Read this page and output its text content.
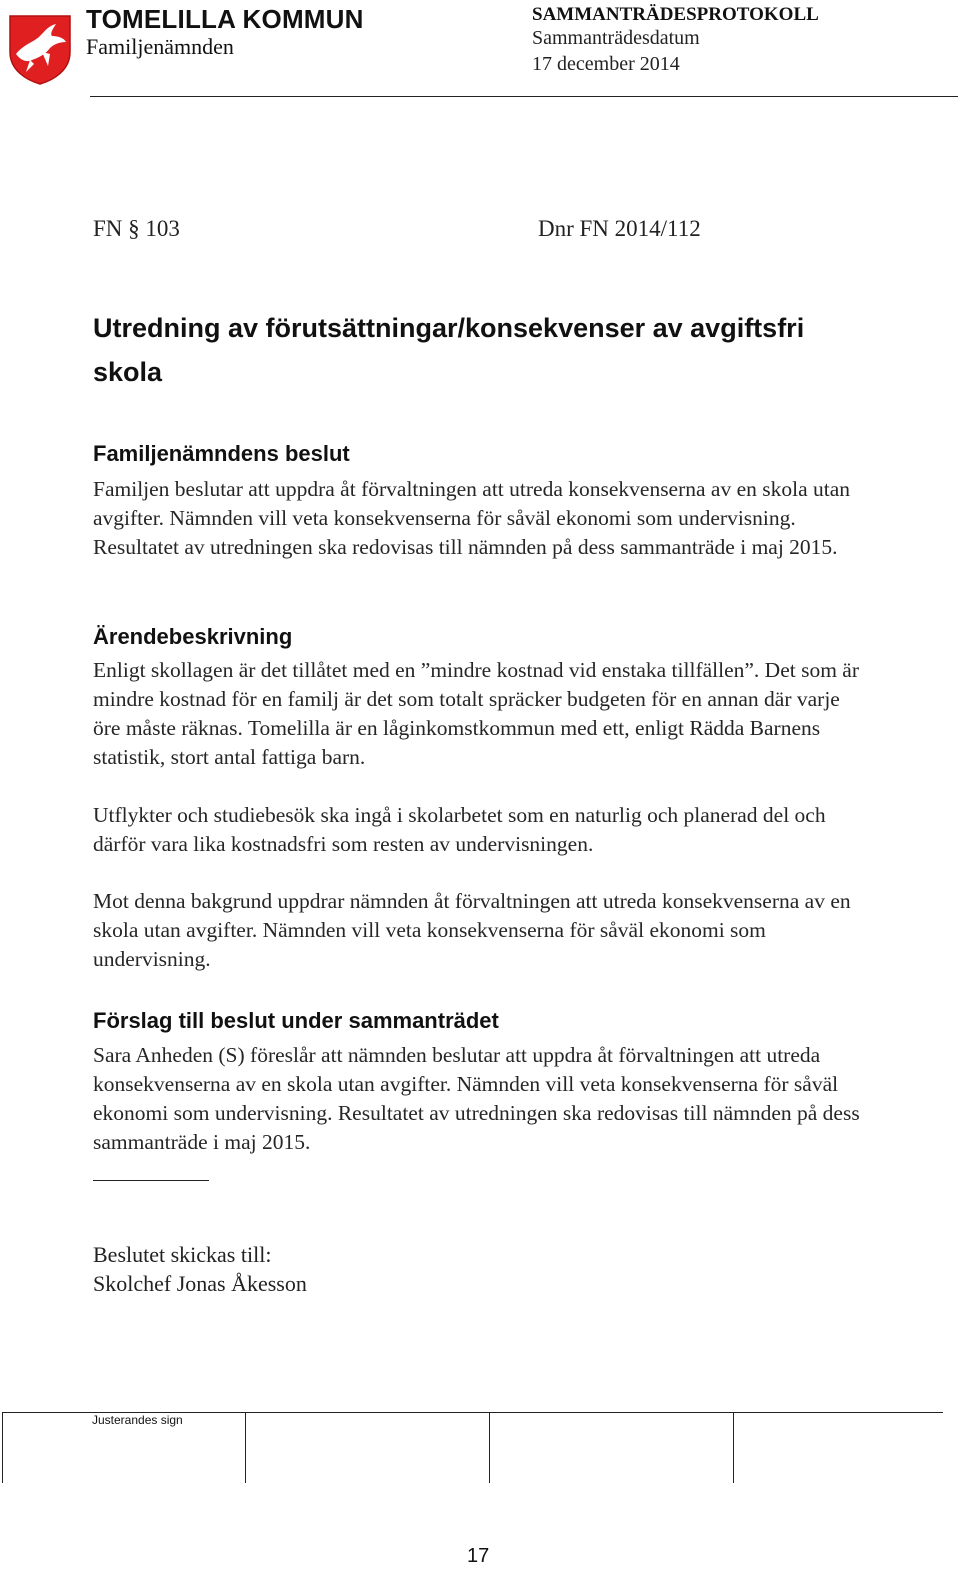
TOMELILLA KOMMUN
Familjenämnden
SAMMANTRÄDESPROTOKOLL
Sammanträdesdatum
17 december 2014
FN § 103	Dnr FN 2014/112
Utredning av förutsättningar/konsekvenser av avgiftsfri skola
Familjenämndens beslut

Familjen beslutar att uppdra åt förvaltningen att utreda konsekvenserna av en skola utan avgifter. Nämnden vill veta konsekvenserna för såväl ekonomi som undervisning. Resultatet av utredningen ska redovisas till nämnden på dess sammanträde i maj 2015.

Ärendebeskrivning

Enligt skollagen är det tillåtet med en ”mindre kostnad vid enstaka tillfällen”. Det som är mindre kostnad för en familj är det som totalt spräcker budgeten för en annan där varje öre måste räknas. Tomelilla är en låginkomstkommun med ett, enligt Rädda Barnens statistik, stort antal fattiga barn.

Utflykter och studiebesök ska ingå i skolarbetet som en naturlig och planerad del och därför vara lika kostnadsfri som resten av undervisningen.

Mot denna bakgrund uppdrar nämnden åt förvaltningen att utreda konsekvenserna av en skola utan avgifter. Nämnden vill veta konsekvenserna för såväl ekonomi som undervisning.

Förslag till beslut under sammanträdet

Sara Anheden (S) föreslår att nämnden beslutar att uppdra åt förvaltningen att utreda konsekvenserna av en skola utan avgifter. Nämnden vill veta konsekvenserna för såväl ekonomi som undervisning. Resultatet av utredningen ska redovisas till nämnden på dess sammanträde i maj 2015.

Beslutet skickas till:
Skolchef Jonas Åkesson
Justerandes sign
17
